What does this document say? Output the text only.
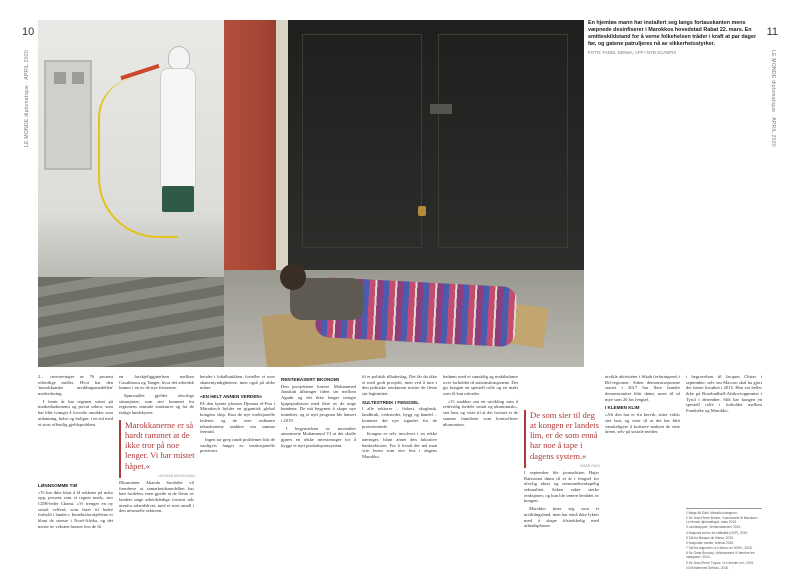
10	11
LE MONDE diplomatique · APRIL 2020	LE MONDE diplomatique · APRIL 2020
En hjemløs mann har installert seg langs fortauskanten mens væpnede desinfiserer i Marokkos hovedstad Rabat 22. mars. En smitteskildstand for å verne folkehelsen tråder i kraft at par dager før, og gatene patruljeres nå av sikkerhetsstyrker.
FOTO: FADEL SENNA, AFP / NTB SCANPIX

2… investeringer av 76 prosent offentlige midler. Hvor har den 'marokkanske utviklingsmodellen' medvirkning.

I femti år har regimet satset på markedsøkonomi og privat sektor, som har blitt tvunget å forvalte områder som utdanning, helse og boliger, i en tid med et stort offentlig gjeldsproblem.

LØNNSOMME TIØ

«Vi har ikke klart å få rekkene på noko opp, prosent som vi regnet med», sier CDH-leder Chami. «Vi trenger en ny sosial velferd, som fører til bedre forhold i landet.» Inntektsforskjellene er blant de største i Nord-Afrika, og det meste av veksten havner hos de få.

en forskjeliggjørelsen mellom Casablanca og Tanger, hvor det arbeidsk lønnes i en av de nye frisonene.

Spørsmålet gjelder alvorlige situasjoner, som sier kommet fra regionens sentrale strukturer og fra de fattige landsbyene.

Økonomen Akaoda Sorsbilet vil fremheve at samarbeidsmodellen har hatt fordelen, men gjorde at de fleste av landets unge arbeidsledige fortsatt står utenfor arbeidslivet, med et stort antall i den uformelle sektoren.

Marokkanerne er så hardt rammet at de ikke tror på noe lenger. Vi har mistet håpet.«
HASSAN BENSLIMAN

betaler i lokalbutikken, forteller vi over skattemyndighetene, men også på ulike måter.

«EN HELT ANNEN VERDEN»

På den kjente plassen Djemaa el-Fna i Marrakech bylder en gigantisk global kongens skip. Kun de nye tradisjonelle lederne og de mer ordinære teknokratene snakker om samme fremtid.

Ingen tar grep rundt problemer blir de vanligvis fanget av institusjonelle prosesser.

RENTEBASERT BKONOMI

Den prosjektene fortere. Mohammed Jaoukah tilbringer tiden sin mellom Agadir og det ikke lenger trengte kjøpepraksisen med flere av de unge bøndene. De må begynne å skape nye inntekter, og et nytt program ble lansert i 2019.

I begynnelsen av november annonserte Mohammed VI at det skulle gjøres en rekke investeringer for å bygge et nytt produksjonssystem.

til et politisk tilbakeslag. Det får du ikke et med godt prosjekt, men ved å ture i den politiske strukturen mister de fleste sin legitimitet.

SULTESTREIK I FENGSEL

I alle sektorer – fiskeri, skogbruk, landbruk, verksteder, bygg og handel – kommer det nye signaler fra de protesterende.

Kongen er selv involvert i en rekke næringer, blant annet den lukrative banksektoren. For å forstå det må man vite hvem som eier hva i dagens Marokko.

bedømt med et samtidig ag maktbalanse over forholdet til statsinstitusjonene. Det gir kongen en spesiell rolle og en makt som få kan utfordre.

«Vi snakker om en utvikling som å rettferdig fordele sosial og økonomisk», sier han, og viser til at det fortsatt er de samme familiene som kontrollerer økonomien.

De som sier til deg at kongen er landets lim, er de som ennå har noe å tape i dagens system.«
OMAR RADI

I september ble journalisten Hajar Raissouni dømt til et år i fengsel for ulovlig abort og utenomekteskapelig seksualitet. Saken vakte sterke reaksjoner, og hun ble senere benådet av kongen.

Marokko fører seg som et utviklingsland, men har ennå ikke lyktes med å skape tilstrekkelig med arbeidsplasser.

utvikle aktiviteter i Sikah (erfaringene) i Rif-regionen. Siden demonstrasjonene startet i 2017 har flere hundre demonstranter blitt dømt, noen til så mye som 20 års fengsel.

I KLEMEN KLIM

«Alt den har er fra kervik, sitter vidd» sier han, og viser til at det har blitt vanskeligere å kritisere makten de siste årene, selv på sosiale medier.

i begravelsen til Jacques Chirac i september, selv om Macron skal ha gjort det første forsøket i 2015. Han var heller ikke på Rosebudhall-Afrika-toppmøtet i Tyrol i desember. Slik har kongen en spesiell rolle i forholdet mellom Frankrike og Marokko.

1 Ifølge Alf Dahl, Marokko-bakgrunn.
2 Se Jean-Pierre Bonhe, «Lønnsvarer til Marokko», Le Monde diplomatique, mars 2019.
3 Landsrapport, Verdensbanken, 2019.
4 Nasjonal kontor for statistikk (HCP), 2019.
5 Tall fra Banque du Maroc, 2019.
6 Nasjonale medier, februar 2020.
7 Tall fra rapporten «Le Maroc en 2030», 2018.
8 Se Omar Brouksy, «Mohammed VI derrière les masques», 2014.
9 Se Jean-Pierre Tuquoi, «Le dernier roi», 2001.
10 Mohammed Sefrioui, 2018.
